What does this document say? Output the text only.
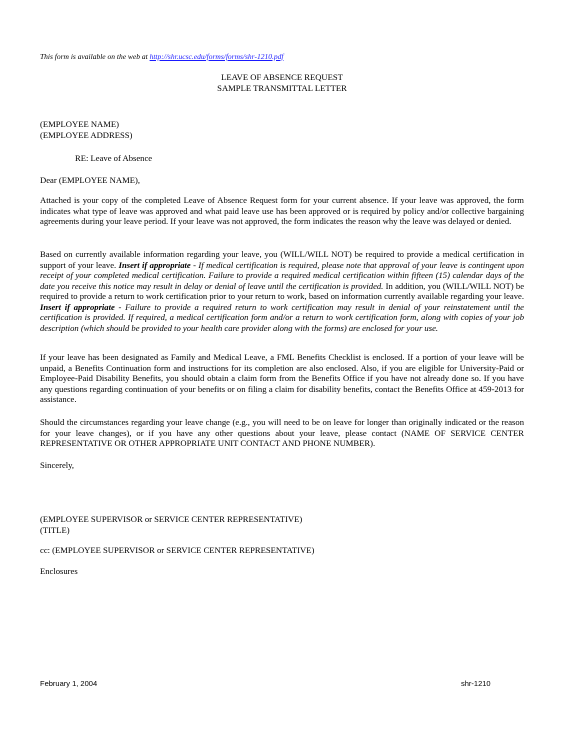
This form is available on the web at http://shr.ucsc.edu/forms/forms/shr-1210.pdf
LEAVE OF ABSENCE REQUEST
SAMPLE TRANSMITTAL LETTER
(EMPLOYEE NAME)
(EMPLOYEE ADDRESS)
RE: Leave of Absence
Dear (EMPLOYEE NAME),

Attached is your copy of the completed Leave of Absence Request form for your current absence. If your leave was approved, the form indicates what type of leave was approved and what paid leave use has been approved or is required by policy and/or collective bargaining agreements during your leave period. If your leave was not approved, the form indicates the reason why the leave was delayed or denied.

Based on currently available information regarding your leave, you (WILL/WILL NOT) be required to provide a medical certification in support of your leave. Insert if appropriate - If medical certification is required, please note that approval of your leave is contingent upon receipt of your completed medical certification. Failure to provide a required medical certification within fifteen (15) calendar days of the date you receive this notice may result in delay or denial of leave until the certification is provided. In addition, you (WILL/WILL NOT) be required to provide a return to work certification prior to your return to work, based on information currently available regarding your leave. Insert if appropriate - Failure to provide a required return to work certification may result in denial of your reinstatement until the certification is provided. If required, a medical certification form and/or a return to work certification form, along with copies of your job description (which should be provided to your health care provider along with the forms) are enclosed for your use.

If your leave has been designated as Family and Medical Leave, a FML Benefits Checklist is enclosed. If a portion of your leave will be unpaid, a Benefits Continuation form and instructions for its completion are also enclosed. Also, if you are eligible for University-Paid or Employee-Paid Disability Benefits, you should obtain a claim form from the Benefits Office if you have not already done so. If you have any questions regarding continuation of your benefits or on filing a claim for disability benefits, contact the Benefits Office at 459-2013 for assistance.

Should the circumstances regarding your leave change (e.g., you will need to be on leave for longer than originally indicated or the reason for your leave changes), or if you have any other questions about your leave, please contact (NAME OF SERVICE CENTER REPRESENTATIVE OR OTHER APPROPRIATE UNIT CONTACT AND PHONE NUMBER).

Sincerely,
(EMPLOYEE SUPERVISOR or SERVICE CENTER REPRESENTATIVE)
(TITLE)
cc: (EMPLOYEE SUPERVISOR or SERVICE CENTER REPRESENTATIVE)
Enclosures
February 1, 2004	shr-1210
